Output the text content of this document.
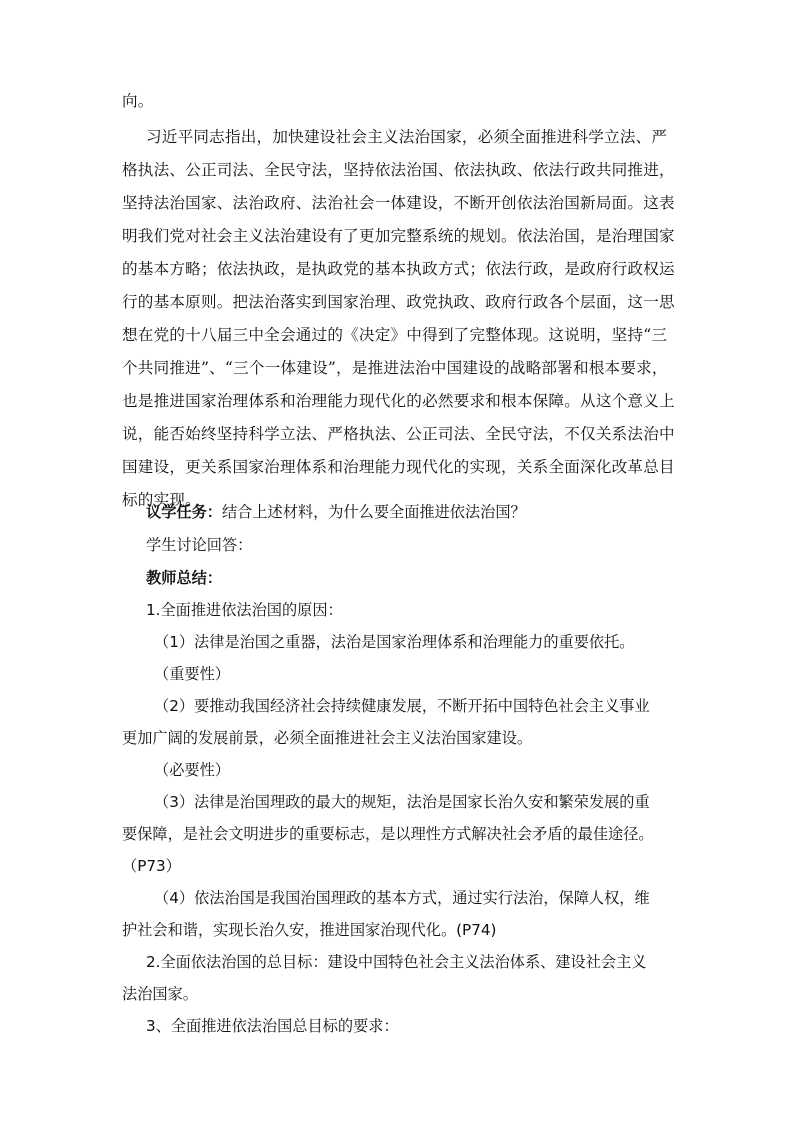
向。
习近平同志指出，加快建设社会主义法治国家，必须全面推进科学立法、严
格执法、公正司法、全民守法，坚持依法治国、依法执政、依法行政共同推进，
坚持法治国家、法治政府、法治社会一体建设，不断开创依法治国新局面。这表
明我们党对社会主义法治建设有了更加完整系统的规划。依法治国，是治理国家
的基本方略；依法执政，是执政党的基本执政方式；依法行政，是政府行政权运
行的基本原则。把法治落实到国家治理、政党执政、政府行政各个层面，这一思
想在党的十八届三中全会通过的《决定》中得到了完整体现。这说明，坚持“三
个共同推进”、“三个一体建设”，是推进法治中国建设的战略部署和根本要求，
也是推进国家治理体系和治理能力现代化的必然要求和根本保障。从这个意义上
说，能否始终坚持科学立法、严格执法、公正司法、全民守法，不仅关系法治中
国建设，更关系国家治理体系和治理能力现代化的实现，关系全面深化改革总目
标的实现。
议学任务：结合上述材料，为什么要全面推进依法治国？
学生讨论回答：
教师总结：
1.全面推进依法治国的原因：
（1）法律是治国之重器，法治是国家治理体系和治理能力的重要依托。
（重要性）
（2）要推动我国经济社会持续健康发展，不断开拓中国特色社会主义事业
更加广阔的发展前景，必须全面推进社会主义法治国家建设。
（必要性）
（3）法律是治国理政的最大的规矩，法治是国家长治久安和繁荣发展的重
要保障，是社会文明进步的重要标志，是以理性方式解决社会矛盾的最佳途径。
（P73）
（4）依法治国是我国治国理政的基本方式，通过实行法治，保障人权，维
护社会和谐，实现长治久安，推进国家治现代化。(P74)
2.全面依法治国的总目标：建设中国特色社会主义法治体系、建设社会主义
法治国家。
3、全面推进依法治国总目标的要求：
